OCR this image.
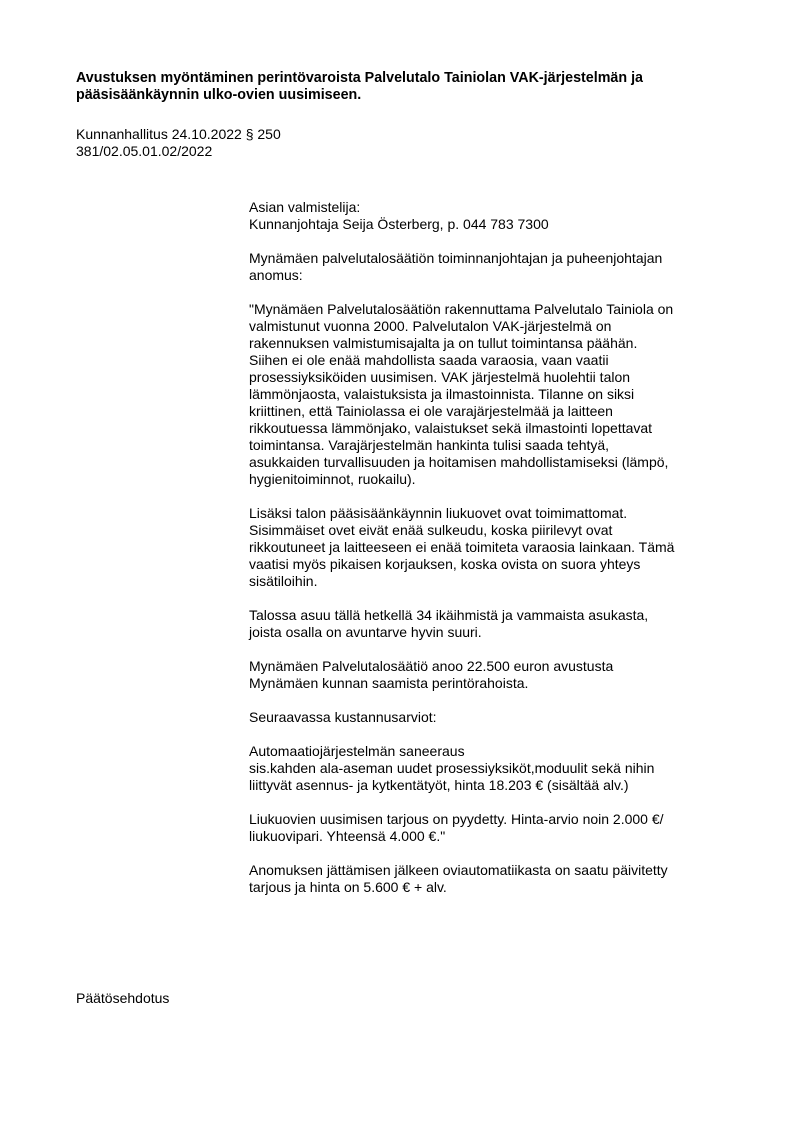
Avustuksen myöntäminen perintövaroista Palvelutalo Tainiolan VAK-järjestelmän ja pääsisäänkäynnin ulko-ovien uusimiseen.
Kunnanhallitus 24.10.2022 § 250
381/02.05.01.02/2022

Asian valmistelija:
Kunnanjohtaja Seija Österberg, p. 044 783 7300

Mynämäen palvelutalosäätiön toiminnanjohtajan ja puheenjohtajan
anomus:

"Mynämäen Palvelutalosäätiön rakennuttama Palvelutalo Tainiola on
valmistunut vuonna 2000. Palvelutalon VAK-järjestelmä on
rakennuksen valmistumisajalta ja on tullut toimintansa päähän.
Siihen ei ole enää mahdollista saada varaosia, vaan vaatii
prosessiyksiköiden uusimisen. VAK järjestelmä huolehtii talon
lämmönjaosta, valaistuksista ja ilmastoinnista. Tilanne on siksi
kriittinen, että Tainiolassa ei ole varajärjestelmää ja laitteen
rikkoutuessa lämmönjako, valaistukset sekä ilmastointi lopettavat
toimintansa. Varajärjestelmän hankinta tulisi saada tehtyä,
asukkaiden turvallisuuden ja hoitamisen mahdollistamiseksi (lämpö,
hygienitoiminnot, ruokailu).

Lisäksi talon pääsisäänkäynnin liukuovet ovat toimimattomat.
Sisimmäiset ovet eivät enää sulkeudu, koska piirilevyt ovat
rikkoutuneet ja laitteeseen ei enää toimiteta varaosia lainkaan. Tämä
vaatisi myös pikaisen korjauksen, koska ovista on suora yhteys
sisätiloihin.

Talossa asuu tällä hetkellä 34 ikäihmistä ja vammaista asukasta,
joista osalla on avuntarve hyvin suuri.

Mynämäen Palvelutalosäätiö anoo 22.500 euron avustusta
Mynämäen kunnan saamista perintörahoista.

Seuraavassa kustannusarviot:

Automaatiojärjestelmän saneeraus
sis.kahden ala-aseman uudet prosessiyksiköt,moduulit sekä nihin
liittyvät asennus- ja kytkentätyöt, hinta 18.203 € (sisältää alv.)

Liukuovien uusimisen tarjous on pyydetty. Hinta-arvio noin 2.000 €/
liukuovipari. Yhteensä 4.000 €."

Anomuksen jättämisen jälkeen oviautomatiikasta on saatu päivitetty
tarjous ja hinta on 5.600 € + alv.

Päätösehdotus
